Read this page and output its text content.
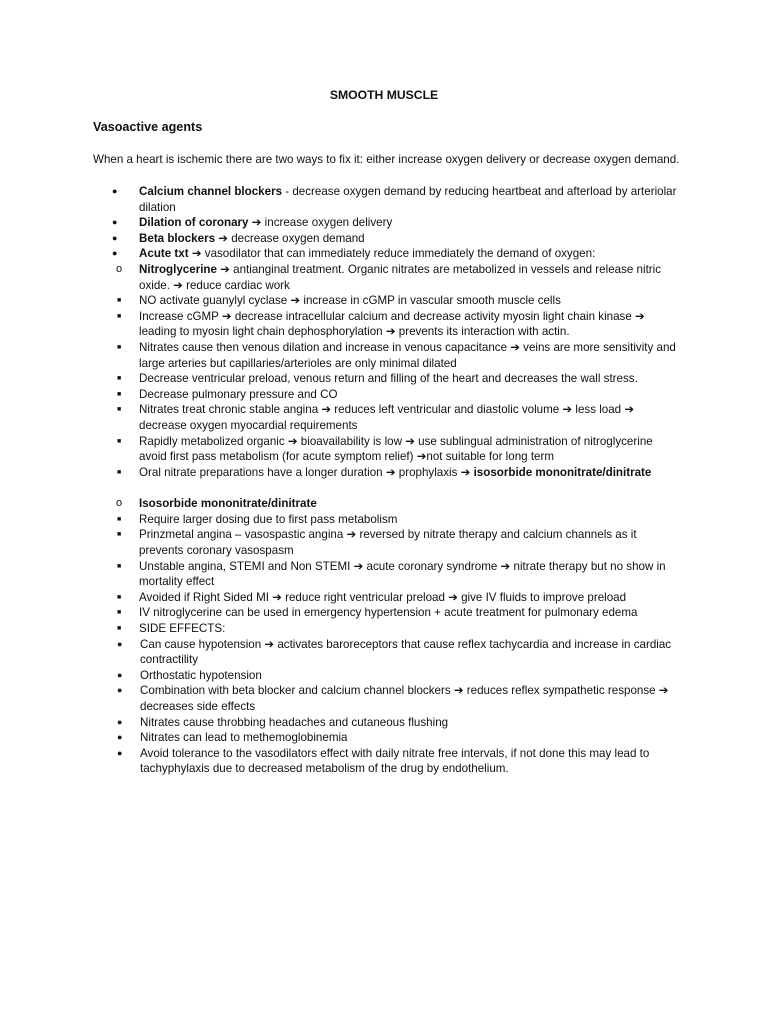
SMOOTH MUSCLE
Vasoactive agents
When a heart is ischemic there are two ways to fix it: either increase oxygen delivery or decrease oxygen demand.
● Calcium channel blockers - decrease oxygen demand by reducing heartbeat and afterload by arteriolar dilation
● Dilation of coronary ➔ increase oxygen delivery
● Beta blockers ➔ decrease oxygen demand
● Acute txt ➔ vasodilator that can immediately reduce immediately the demand of oxygen:
o Nitroglycerine ➔ antianginal treatment. Organic nitrates are metabolized in vessels and release nitric oxide. ➔ reduce cardiac work
■ NO activate guanylyl cyclase ➔ increase in cGMP in vascular smooth muscle cells
■ Increase cGMP ➔ decrease intracellular calcium and decrease activity myosin light chain kinase ➔ leading to myosin light chain dephosphorylation ➔ prevents its interaction with actin.
■ Nitrates cause then venous dilation and increase in venous capacitance ➔ veins are more sensitivity and large arteries but capillaries/arterioles are only minimal dilated
■ Decrease ventricular preload, venous return and filling of the heart and decreases the wall stress.
■ Decrease pulmonary pressure and CO
■ Nitrates treat chronic stable angina ➔ reduces left ventricular and diastolic volume ➔ less load ➔ decrease oxygen myocardial requirements
■ Rapidly metabolized organic ➔ bioavailability is low ➔ use sublingual administration of nitroglycerine avoid first pass metabolism (for acute symptom relief) ➔not suitable for long term
■ Oral nitrate preparations have a longer duration ➔ prophylaxis ➔ isosorbide mononitrate/dinitrate
o Isosorbide mononitrate/dinitrate
■ Require larger dosing due to first pass metabolism
■ Prinzmetal angina – vasospastic angina ➔ reversed by nitrate therapy and calcium channels as it prevents coronary vasospasm
■ Unstable angina, STEMI and Non STEMI ➔ acute coronary syndrome ➔ nitrate therapy but no show in mortality effect
■ Avoided if Right Sided MI ➔ reduce right ventricular preload ➔ give IV fluids to improve preload
■ IV nitroglycerine can be used in emergency hypertension + acute treatment for pulmonary edema
■ SIDE EFFECTS:
● Can cause hypotension ➔ activates baroreceptors that cause reflex tachycardia and increase in cardiac contractility
● Orthostatic hypotension
● Combination with beta blocker and calcium channel blockers ➔ reduces reflex sympathetic response ➔ decreases side effects
● Nitrates cause throbbing headaches and cutaneous flushing
● Nitrates can lead to methemoglobinemia
● Avoid tolerance to the vasodilators effect with daily nitrate free intervals, if not done this may lead to tachyphylaxis due to decreased metabolism of the drug by endothelium.
